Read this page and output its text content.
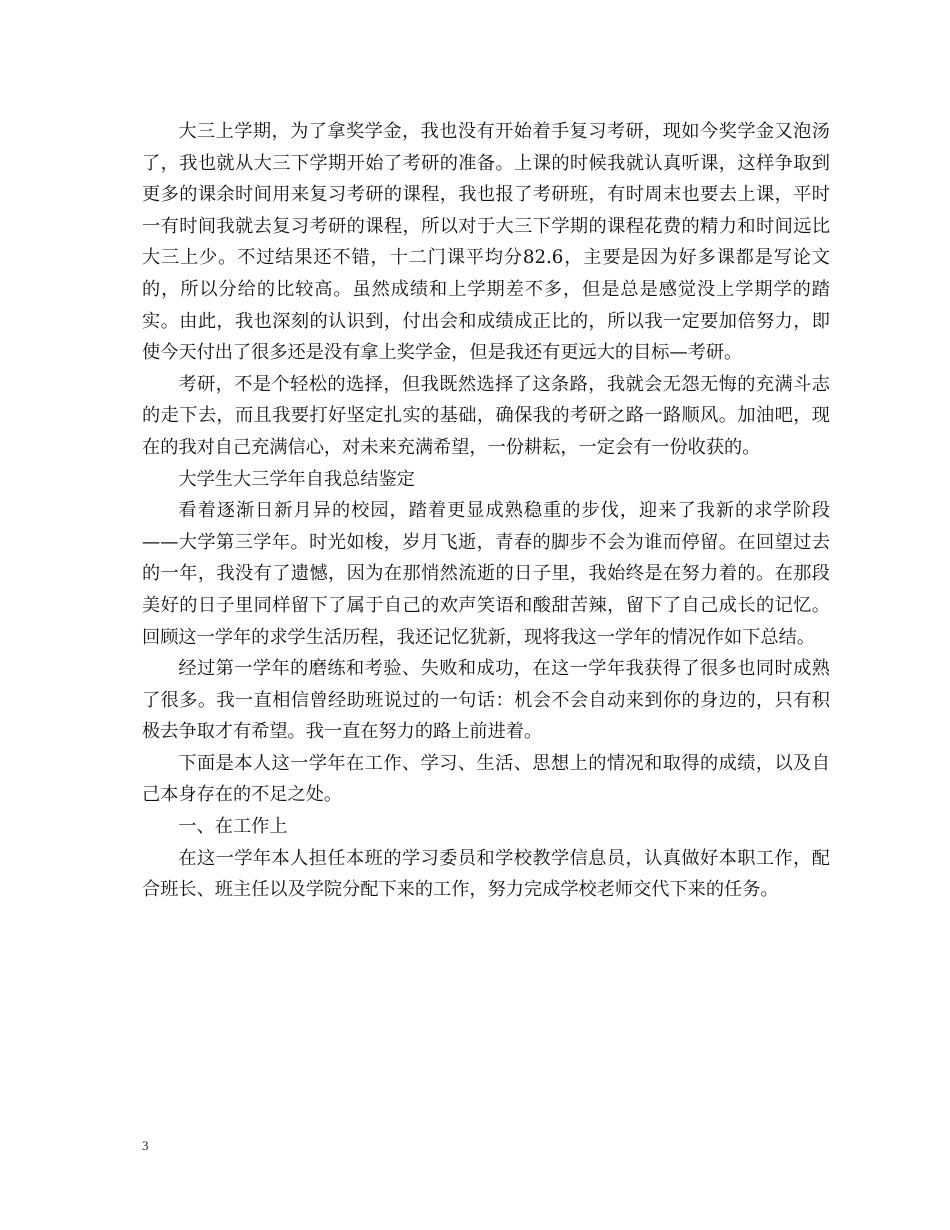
大三上学期，为了拿奖学金，我也没有开始着手复习考研，现如今奖学金又泡汤了，我也就从大三下学期开始了考研的准备。上课的时候我就认真听课，这样争取到更多的课余时间用来复习考研的课程，我也报了考研班，有时周末也要去上课，平时一有时间我就去复习考研的课程，所以对于大三下学期的课程花费的精力和时间远比大三上少。不过结果还不错，十二门课平均分82.6，主要是因为好多课都是写论文的，所以分给的比较高。虽然成绩和上学期差不多，但是总是感觉没上学期学的踏实。由此，我也深刻的认识到，付出会和成绩成正比的，所以我一定要加倍努力，即使今天付出了很多还是没有拿上奖学金，但是我还有更远大的目标—考研。

考研，不是个轻松的选择，但我既然选择了这条路，我就会无怨无悔的充满斗志的走下去，而且我要打好坚定扎实的基础，确保我的考研之路一路顺风。加油吧，现在的我对自己充满信心，对未来充满希望，一份耕耘，一定会有一份收获的。

大学生大三学年自我总结鉴定

看着逐渐日新月异的校园，踏着更显成熟稳重的步伐，迎来了我新的求学阶段——大学第三学年。时光如梭，岁月飞逝，青春的脚步不会为谁而停留。在回望过去的一年，我没有了遗憾，因为在那悄然流逝的日子里，我始终是在努力着的。在那段美好的日子里同样留下了属于自己的欢声笑语和酸甜苦辣，留下了自己成长的记忆。回顾这一学年的求学生活历程，我还记忆犹新，现将我这一学年的情况作如下总结。

经过第一学年的磨练和考验、失败和成功，在这一学年我获得了很多也同时成熟了很多。我一直相信曾经助班说过的一句话：机会不会自动来到你的身边的，只有积极去争取才有希望。我一直在努力的路上前进着。

下面是本人这一学年在工作、学习、生活、思想上的情况和取得的成绩，以及自己本身存在的不足之处。

一、在工作上

在这一学年本人担任本班的学习委员和学校教学信息员，认真做好本职工作，配合班长、班主任以及学院分配下来的工作，努力完成学校老师交代下来的任务。

3
